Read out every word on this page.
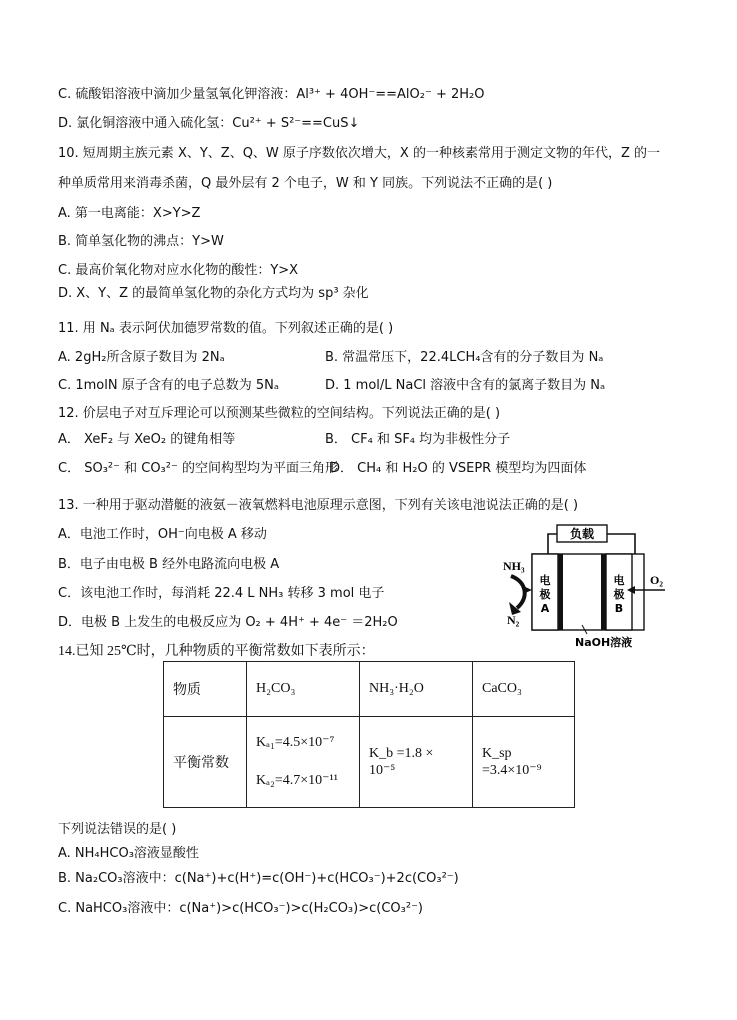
C. 硫酸铝溶液中滴加少量氢氧化钾溶液：Al³⁺ + 4OH⁻==AlO₂⁻ + 2H₂O
D. 氯化铜溶液中通入硫化氢：Cu²⁺ + S²⁻==CuS↓
10. 短周期主族元素 X、Y、Z、Q、W 原子序数依次增大，X 的一种核素常用于测定文物的年代，Z 的一
种单质常用来消毒杀菌，Q 最外层有 2 个电子，W 和 Y 同族。下列说法不正确的是( )
A. 第一电离能：X>Y>Z
B. 简单氢化物的沸点：Y>W
C. 最高价氧化物对应水化物的酸性：Y>X
D. X、Y、Z 的最简单氢化物的杂化方式均为 sp³ 杂化
11. 用 Nₐ 表示阿伏加德罗常数的值。下列叙述正确的是( )
A. 2gH₂所含原子数目为 2Nₐ	B. 常温常压下，22.4LCH₄含有的分子数目为 Nₐ
C. 1molN 原子含有的电子总数为 5Nₐ	D. 1 mol/L NaCl 溶液中含有的氯离子数目为 Nₐ
12. 价层电子对互斥理论可以预测某些微粒的空间结构。下列说法正确的是( )
A． XeF₂ 与 XeO₂ 的键角相等	B． CF₄ 和 SF₄ 均为非极性分子
C． SO₃²⁻ 和 CO₃²⁻ 的空间构型均为平面三角形
D． CH₄ 和 H₂O 的 VSEPR 模型均为四面体
13. 一种用于驱动潜艇的液氨－液氧燃料电池原理示意图，下列有关该电池说法正确的是( )
A．电池工作时，OH⁻向电极 A 移动
B．电子由电极 B 经外电路流向电极 A
C．该电池工作时，每消耗 22.4 L NH₃ 转移 3 mol 电子
D．电极 B 上发生的电极反应为 O₂ + 4H⁺ + 4e⁻ ＝2H₂O
负载
电
极
A
电
极
B
NH₃
N₂
O₂
NaOH溶液
14.已知 25℃时，几种物质的平衡常数如下表所示：
物质	H₂CO₃	NH₃·H₂O	CaCO₃
平衡常数	Kₐ₁=4.5×10⁻⁷
Kₐ₂=4.7×10⁻¹¹	K_b =1.8 × 10⁻⁵	K_sp =3.4×10⁻⁹
下列说法错误的是( )
A. NH₄HCO₃溶液显酸性
B. Na₂CO₃溶液中：c(Na⁺)+c(H⁺)=c(OH⁻)+c(HCO₃⁻)+2c(CO₃²⁻)
C. NaHCO₃溶液中：c(Na⁺)>c(HCO₃⁻)>c(H₂CO₃)>c(CO₃²⁻)
